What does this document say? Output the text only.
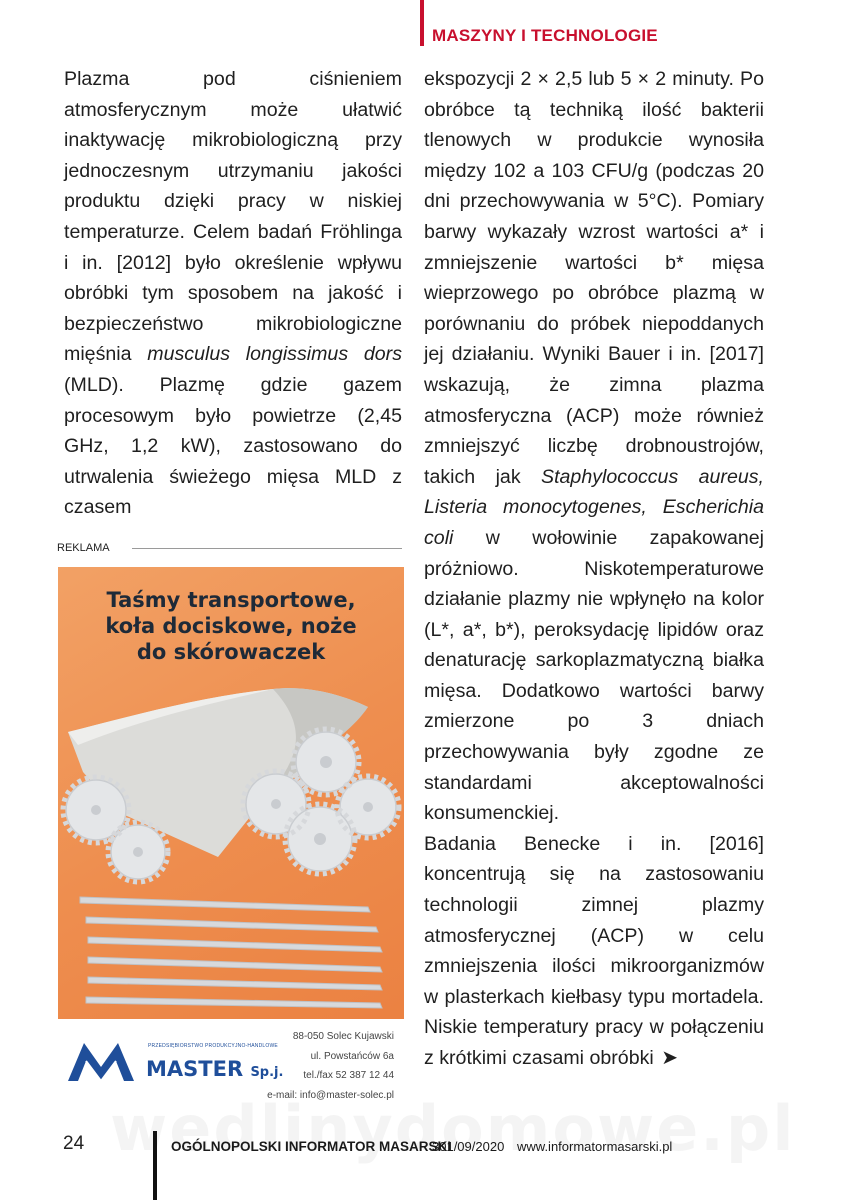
MASZYNY I TECHNOLOGIE

Plazma pod ciśnieniem atmosferycznym może ułatwić inaktywację mikrobiologiczną przy jednoczesnym utrzymaniu jakości produktu dzięki pracy w niskiej temperaturze. Celem badań Fröhlinga i in. [2012] było określenie wpływu obróbki tym sposobem na jakość i bezpieczeństwo mikrobiologiczne mięśnia musculus longissimus dors (MLD). Plazmę gdzie gazem procesowym było powietrze (2,45 GHz, 1,2 kW), zastosowano do utrwalenia świeżego mięsa MLD z czasem

ekspozycji 2 × 2,5 lub 5 × 2 minuty. Po obróbce tą techniką ilość bakterii tlenowych w produkcie wynosiła między 102 a 103 CFU/g (podczas 20 dni przechowywania w 5°C). Pomiary barwy wykazały wzrost wartości a* i zmniejszenie wartości b* mięsa wieprzowego po obróbce plazmą w porównaniu do próbek niepoddanych jej działaniu. Wyniki Bauer i in. [2017] wskazują, że zimna plazma atmosferyczna (ACP) może również zmniejszyć liczbę drobnoustrojów, takich jak Staphylococcus aureus, Listeria monocytogenes, Escherichia coli w wołowinie zapakowanej próżniowo. Niskotemperaturowe działanie plazmy nie wpłynęło na kolor (L*, a*, b*), peroksydację lipidów oraz denaturację sarkoplazmatyczną białka mięsa. Dodatkowo wartości barwy zmierzone po 3 dniach przechowywania były zgodne ze standardami akceptowalności konsumenckiej.

Badania Benecke i in. [2016] koncentrują się na zastosowaniu technologii zimnej plazmy atmosferycznej (ACP) w celu zmniejszenia ilości mikroorganizmów w plasterkach kiełbasy typu mortadela. Niskie temperatury pracy w połączeniu z krótkimi czasami obróbki ➤

REKLAMA
Taśmy transportowe,
koła dociskowe, noże
do skórowaczek
PRZEDSIĘBIORSTWO PRODUKCYJNO-HANDLOWE
MASTER Sp.j.
88-050 Solec Kujawski
ul. Powstańców 6a
tel./fax 52 387 12 44
e-mail: info@master-solec.pl
24	OGÓLNOPOLSKI INFORMATOR MASARSKI
301/09/2020 www.informatormasarski.pl
